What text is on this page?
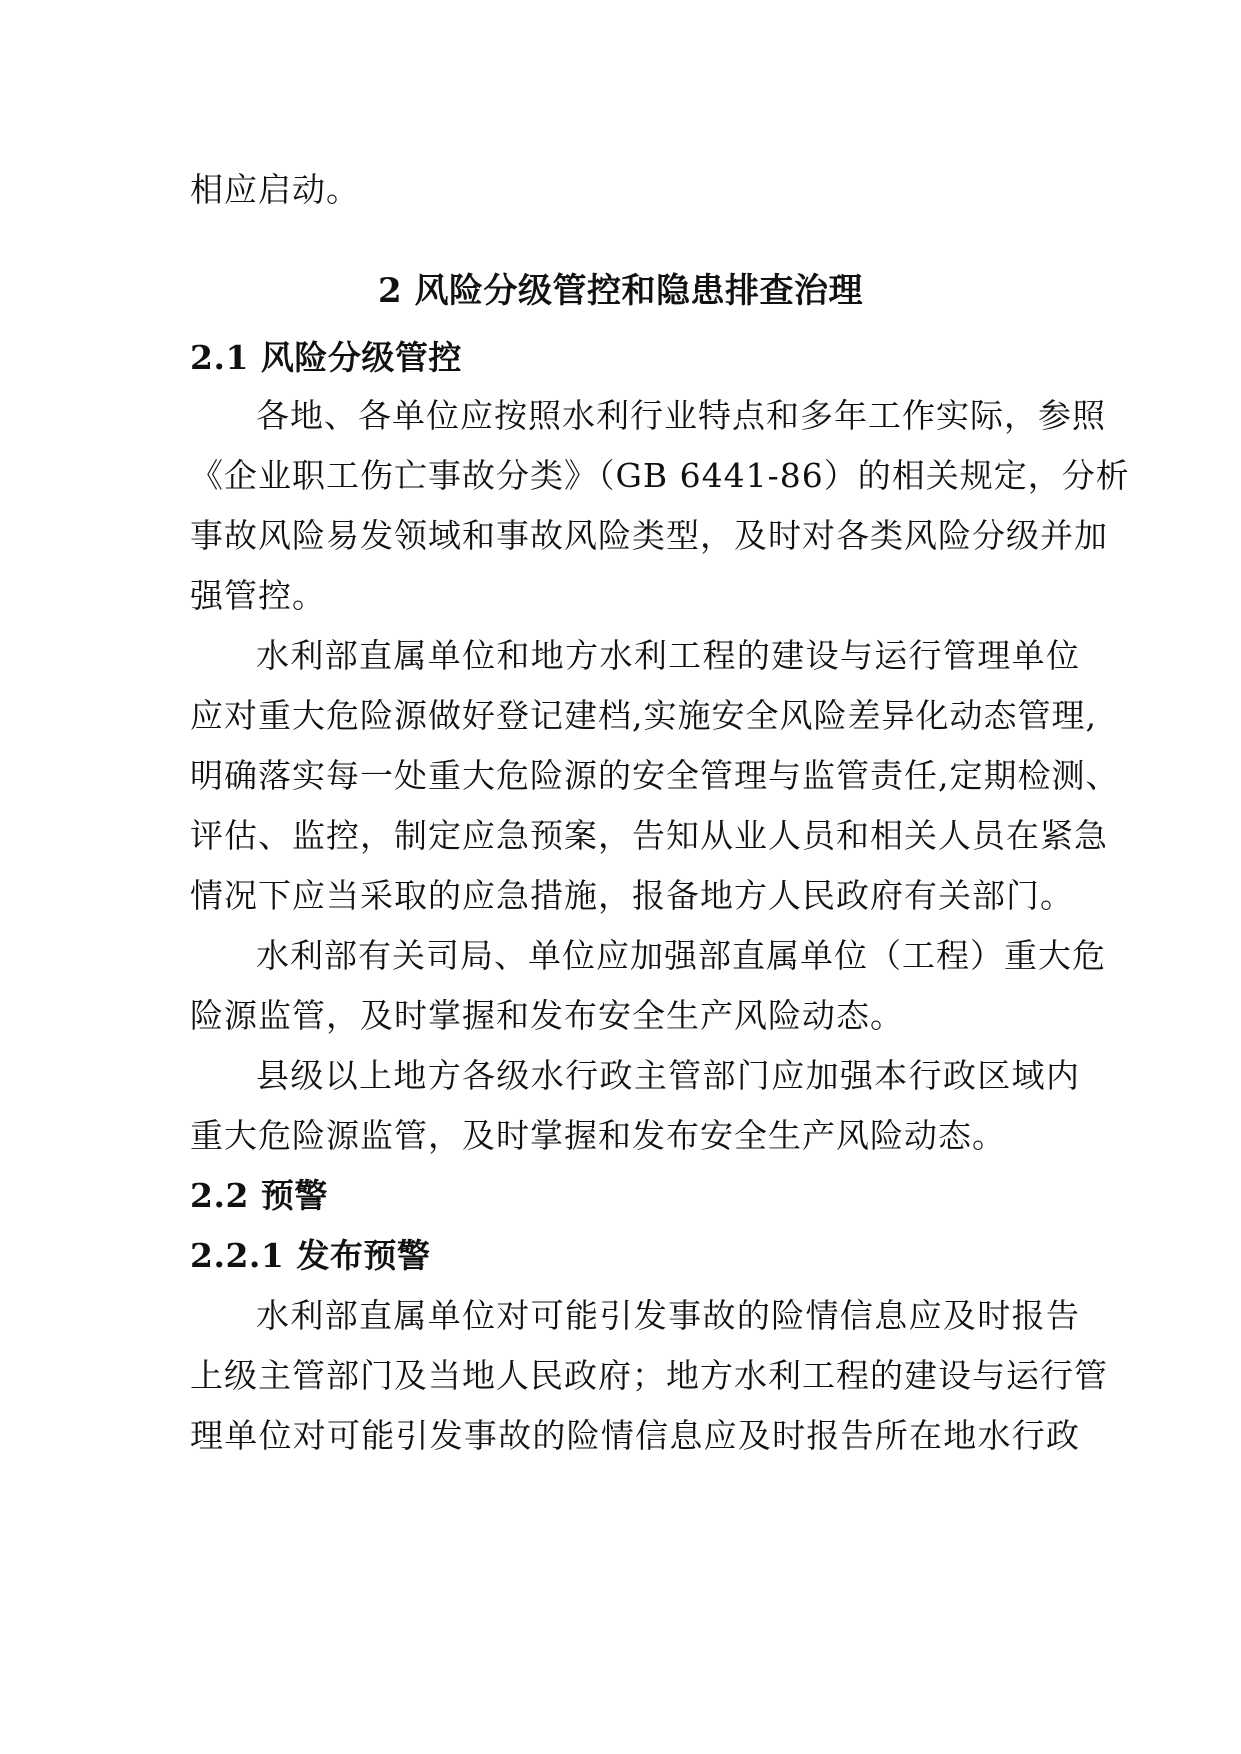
相应启动。
2 风险分级管控和隐患排查治理
2.1 风险分级管控
各地、各单位应按照水利行业特点和多年工作实际，参照
《企业职工伤亡事故分类》（GB 6441-86）的相关规定，分析
事故风险易发领域和事故风险类型，及时对各类风险分级并加
强管控。
水利部直属单位和地方水利工程的建设与运行管理单位
应对重大危险源做好登记建档,实施安全风险差异化动态管理,
明确落实每一处重大危险源的安全管理与监管责任,定期检测、
评估、监控，制定应急预案，告知从业人员和相关人员在紧急
情况下应当采取的应急措施，报备地方人民政府有关部门。
水利部有关司局、单位应加强部直属单位（工程）重大危
险源监管，及时掌握和发布安全生产风险动态。
县级以上地方各级水行政主管部门应加强本行政区域内
重大危险源监管，及时掌握和发布安全生产风险动态。
2.2 预警
2.2.1 发布预警
水利部直属单位对可能引发事故的险情信息应及时报告
上级主管部门及当地人民政府；地方水利工程的建设与运行管
理单位对可能引发事故的险情信息应及时报告所在地水行政
